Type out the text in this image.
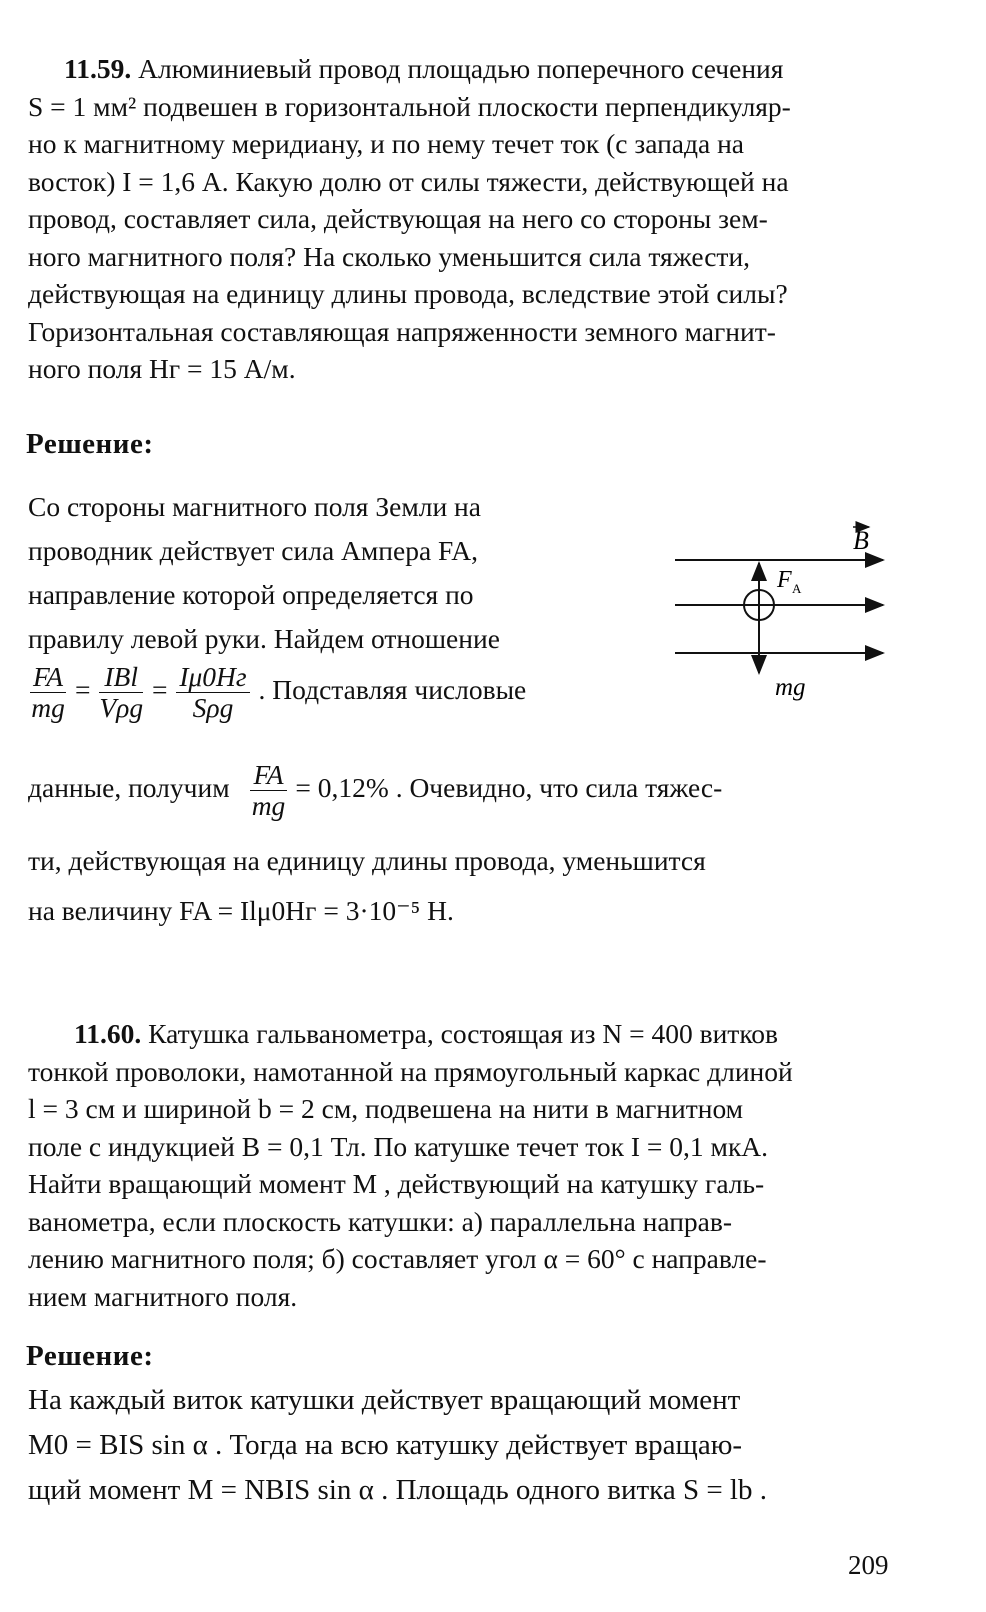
11.59. Алюминиевый провод площадью поперечного сечения
S = 1 мм² подвешен в горизонтальной плоскости перпендикуляр-
но к магнитному меридиану, и по нему течет ток (с запада на
восток) I = 1,6 А. Какую долю от силы тяжести, действующей на
провод, составляет сила, действующая на него со стороны зем-
ного магнитного поля? На сколько уменьшится сила тяжести,
действующая на единицу длины провода, вследствие этой силы?
Горизонтальная составляющая напряженности земного магнит-
ного поля Hг = 15 А/м.
Решение:
Со стороны магнитного поля Земли на
проводник действует сила Ампера FA,
направление которой определяется по
правилу левой руки. Найдем отношение
$\frac{FA}{mg} = \frac{\text{IBl}}{\text{Vρg}} = \frac{I\mu 0Hг}{\text{Sρg}}$ . Подставляя числовые
данные, получим $\frac{FA}{mg} = 0,12\%$ . Очевидно, что сила тяжес-
ти, действующая на единицу длины провода, уменьшится
на величину FA = Ilμ0Hг = 3·10⁻⁵ Н.
B
F A
mg
11.60. Катушка гальванометра, состоящая из N = 400 витков
тонкой проволоки, намотанной на прямоугольный каркас длиной
l = 3 см и шириной b = 2 см, подвешена на нити в магнитном
поле с индукцией B = 0,1 Тл. По катушке течет ток I = 0,1 мкА.
Найти вращающий момент M , действующий на катушку галь-
ванометра, если плоскость катушки: а) параллельна направ-
лению магнитного поля; б) составляет угол α = 60° с направле-
нием магнитного поля.
Решение:
На каждый виток катушки действует вращающий момент
M0 = BIS sin α . Тогда на всю катушку действует вращаю-
щий момент M = NBIS sin α . Площадь одного витка S = lb .
209
